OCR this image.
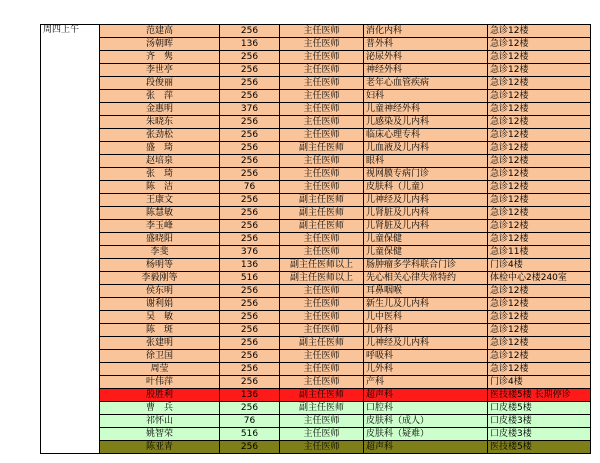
周四上午	范建高	256	主任医师	消化内科	急诊12楼
	汤朝晖	136	主任医师	普外科	急诊12楼
	齐　隽	256	主任医师	泌尿外科	急诊12楼
	李世亭	256	主任医师	神经外科	急诊12楼
	段俊丽	256	主任医师	老年心血管疾病	急诊12楼
	张　萍	256	主任医师	妇科	急诊12楼
	金惠明	376	主任医师	儿童神经外科	急诊12楼
	朱晓东	256	主任医师	儿感染及儿内科	急诊12楼
	张劲松	256	主任医师	临床心理专科	急诊12楼
	盛　琦	256	副主任医师	儿血液及儿内科	急诊12楼
	赵培泉	256	主任医师	眼科	急诊12楼
	张　琦	256	主任医师	视网膜专病门诊	急诊12楼
	陈　洁	76	主任医师	皮肤科（儿童）	急诊12楼
	王康文	256	副主任医师	儿神经及儿内科	急诊12楼
	陈慧敏	256	副主任医师	儿肾脏及儿内科	急诊12楼
	李玉峰	256	副主任医师	儿肾脏及儿内科	急诊12楼
	盛晓阳	256	主任医师	儿童保健	急诊12楼
	李斐	376	主任医师	儿童保健	急诊11楼
	杨明等	136	副主任医师以上	肠肿瘤多学科联合门诊	门诊4楼
	李毅刚等	516	副主任医师以上	先心相关心律失常特约	体检中心2楼240室
	侯东明	256	主任医师	耳鼻咽喉	急诊12楼
	谢利娟	256	主任医师	新生儿及儿内科	急诊12楼
	吴　敏	256	主任医师	儿中医科	急诊12楼
	陈　斑	256	主任医师	儿骨科	急诊12楼
	张建明	256	副主任医师	儿神经及儿内科	急诊12楼
	徐卫国	256	主任医师	呼吸科	急诊12楼
	周莹	256	主任医师	儿外科	急诊12楼
	叶伟萍	256	主任医师	产科	门诊4楼
	殷胜利	136	副主任医师	超声科	医技楼5楼 长期停诊
	曹　兵	256	副主任医师	口腔科	口皮楼5楼
	祁怀山	76	主任医师	皮肤科（成人）	口皮楼3楼
	姚智荣	516	主任医师	皮肤科（疑难）	口皮楼3楼
	陈亚青	256	主任医师	超声科	医技楼5楼
